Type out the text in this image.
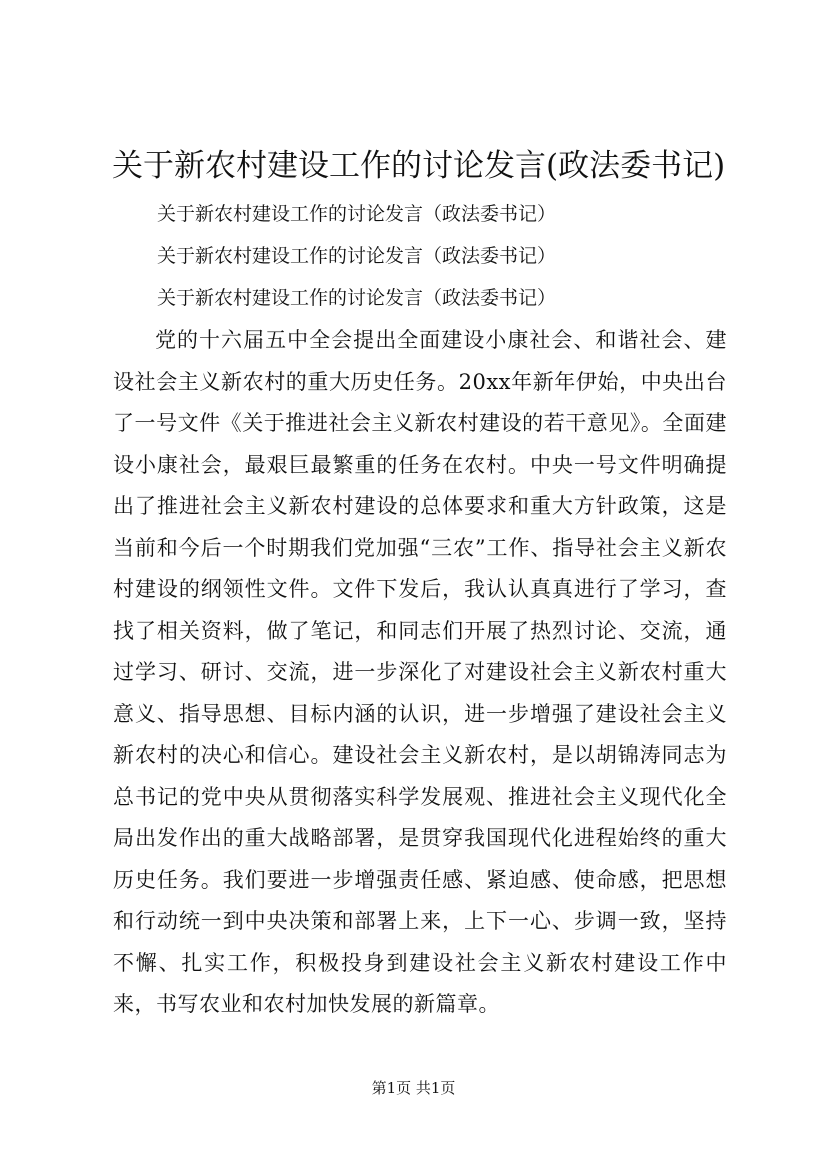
关于新农村建设工作的讨论发言(政法委书记)
关于新农村建设工作的讨论发言（政法委书记）
关于新农村建设工作的讨论发言（政法委书记）
关于新农村建设工作的讨论发言（政法委书记）

党的十六届五中全会提出全面建设小康社会、和谐社会、建设社会主义新农村的重大历史任务。20xx年新年伊始，中央出台了一号文件《关于推进社会主义新农村建设的若干意见》。全面建设小康社会，最艰巨最繁重的任务在农村。中央一号文件明确提出了推进社会主义新农村建设的总体要求和重大方针政策，这是当前和今后一个时期我们党加强“三农”工作、指导社会主义新农村建设的纲领性文件。文件下发后，我认认真真进行了学习，查找了相关资料，做了笔记，和同志们开展了热烈讨论、交流，通过学习、研讨、交流，进一步深化了对建设社会主义新农村重大意义、指导思想、目标内涵的认识，进一步增强了建设社会主义新农村的决心和信心。建设社会主义新农村，是以胡锦涛同志为总书记的党中央从贯彻落实科学发展观、推进社会主义现代化全局出发作出的重大战略部署，是贯穿我国现代化进程始终的重大历史任务。我们要进一步增强责任感、紧迫感、使命感，把思想和行动统一到中央决策和部署上来，上下一心、步调一致，坚持不懈、扎实工作，积极投身到建设社会主义新农村建设工作中来，书写农业和农村加快发展的新篇章。

第1页 共1页
